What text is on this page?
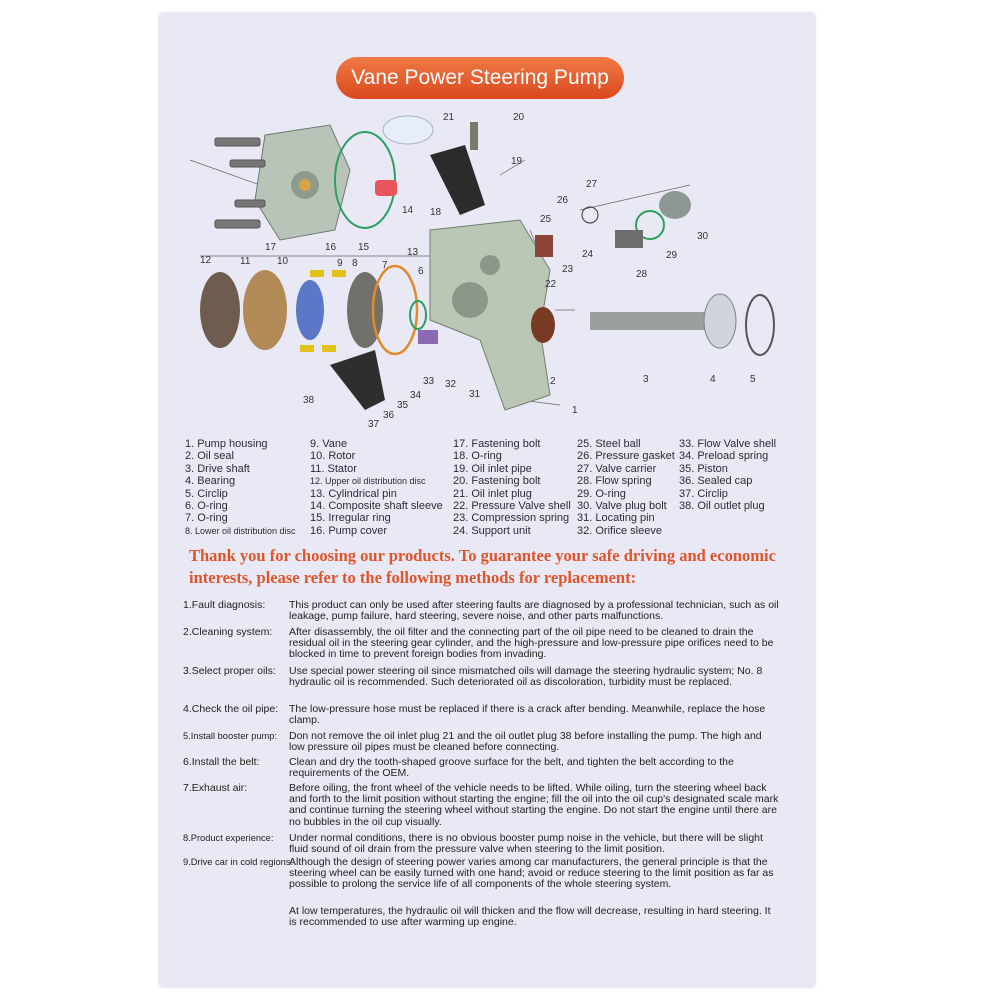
Vane Power Steering Pump
1
2	3	4	5
6
7
8
9
10
11
12
13
14
15
16
17
18
19
20
21
22
23
24
25
26
27
28
29
30
31
32
33
34
35
36
37
38
1. Pump housing
2. Oil seal
3. Drive shaft
4. Bearing
5. Circlip
6. O-ring
7. O-ring
8. Lower oil distribution disc
9. Vane
10. Rotor
11. Stator
12. Upper oil distribution disc
13. Cylindrical pin
14. Composite shaft sleeve
15. Irregular ring
16. Pump cover
17. Fastening bolt
18. O-ring
19. Oil inlet pipe
20. Fastening bolt
21. Oil inlet plug
22. Pressure Valve shell
23. Compression spring
24. Support unit
25. Steel ball
26. Pressure gasket
27. Valve carrier
28. Flow spring
29. O-ring
30. Valve plug bolt
31. Locating pin
32. Orifice sleeve
33. Flow Valve shell
34. Preload spring
35. Piston
36. Sealed cap
37. Circlip
38. Oil outlet plug
Thank you for choosing our products. To guarantee your safe driving and economic interests, please refer to the following methods for replacement:
1.Fault diagnosis: This product can only be used after steering faults are diagnosed by a professional technician, such as oil leakage, pump failure, hard steering, severe noise, and other parts malfunctions.
2.Cleaning system: After disassembly, the oil filter and the connecting part of the oil pipe need to be cleaned to drain the residual oil in the steering gear cylinder, and the high-pressure and low-pressure pipe orifices need to be blocked in time to prevent foreign bodies from invading.
3.Select proper oils: Use special power steering oil since mismatched oils will damage the steering hydraulic system; No. 8 hydraulic oil is recommended. Such deteriorated oil as discoloration, turbidity must be replaced.
4.Check the oil pipe: The low-pressure hose must be replaced if there is a crack after bending. Meanwhile, replace the hose clamp.
5.Install booster pump: Don not remove the oil inlet plug 21 and the oil outlet plug 38 before installing the pump. The high and low pressure oil pipes must be cleaned before connecting.
6.Install the belt:	Clean and dry the tooth-shaped groove surface for the belt, and tighten the belt according to the requirements of the OEM.
7.Exhaust air:	Before oiling, the front wheel of the vehicle needs to be lifted. While oiling, turn the steering wheel back and forth to the limit position without starting the engine; fill the oil into the oil cup's designated scale mark and continue turning the steering wheel without starting the engine. Do not start the engine until there are no bubbles in the oil cup visually.
8.Product experience: Under normal conditions, there is no obvious booster pump noise in the vehicle, but there will be slight fluid sound of oil drain from the pressure valve when steering to the limit position.
9.Drive car in cold regions:
Although the design of steering power varies among car manufacturers, the general principle is that the steering wheel can be easily turned with one hand; avoid or reduce steering to the limit position as far as possible to prolong the service life of all components of the whole steering system.
At low temperatures, the hydraulic oil will thicken and the flow will decrease, resulting in hard steering. It is recommended to use after warming up engine.
